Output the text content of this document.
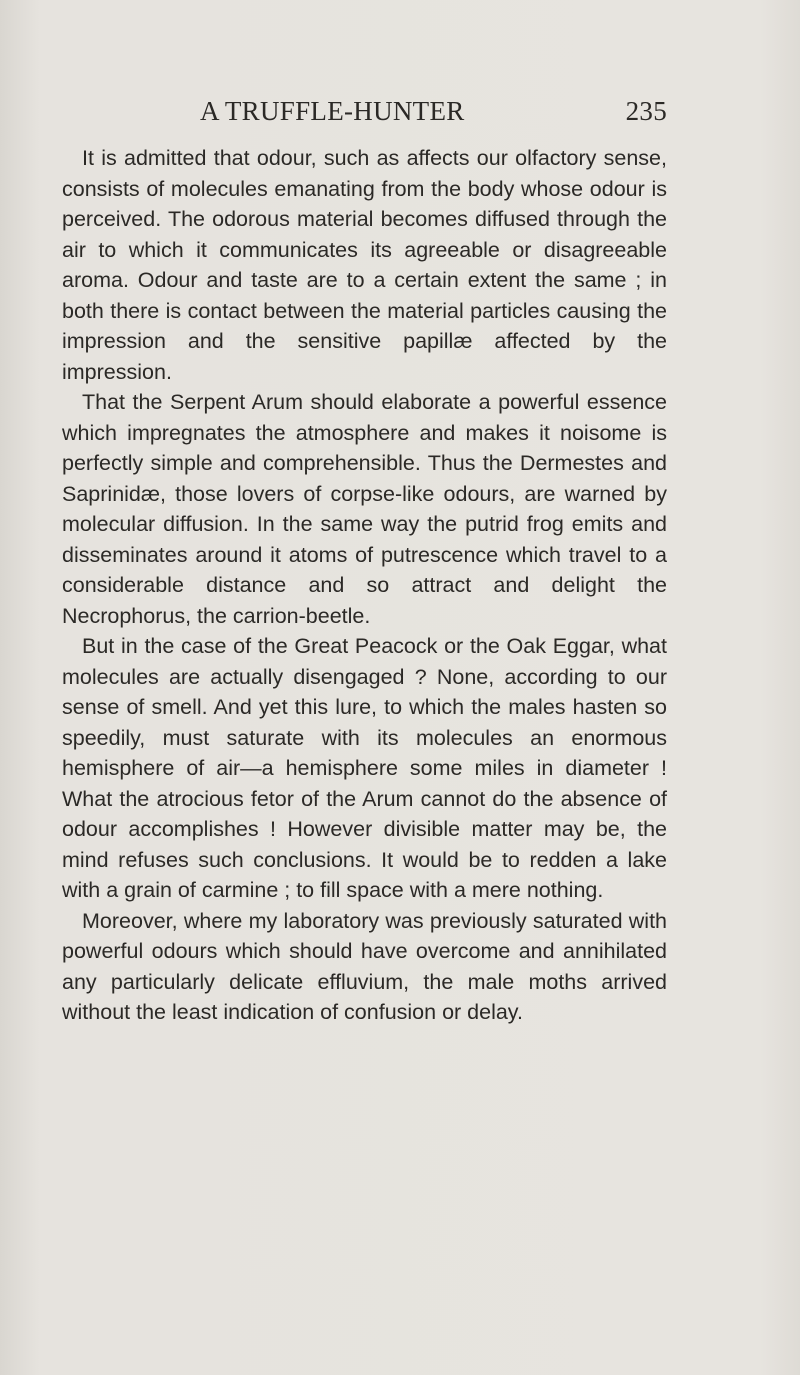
A TRUFFLE-HUNTER	235

It is admitted that odour, such as affects our olfactory sense, consists of molecules emanating from the body whose odour is perceived. The odorous material becomes diffused through the air to which it communicates its agreeable or disagreeable aroma. Odour and taste are to a certain extent the same ; in both there is contact between the material particles causing the impression and the sensitive papillæ affected by the impression.

That the Serpent Arum should elaborate a powerful essence which impregnates the atmosphere and makes it noisome is perfectly simple and comprehensible. Thus the Dermestes and Saprinidæ, those lovers of corpse-like odours, are warned by molecular diffusion. In the same way the putrid frog emits and disseminates around it atoms of putrescence which travel to a considerable distance and so attract and delight the Necrophorus, the carrion-beetle.

But in the case of the Great Peacock or the Oak Eggar, what molecules are actually disengaged ? None, according to our sense of smell. And yet this lure, to which the males hasten so speedily, must saturate with its molecules an enormous hemisphere of air—a hemisphere some miles in diameter ! What the atrocious fetor of the Arum cannot do the absence of odour accomplishes ! However divisible matter may be, the mind refuses such conclusions. It would be to redden a lake with a grain of carmine ; to fill space with a mere nothing.

Moreover, where my laboratory was previously saturated with powerful odours which should have overcome and annihilated any particularly delicate effluvium, the male moths arrived without the least indication of confusion or delay.
